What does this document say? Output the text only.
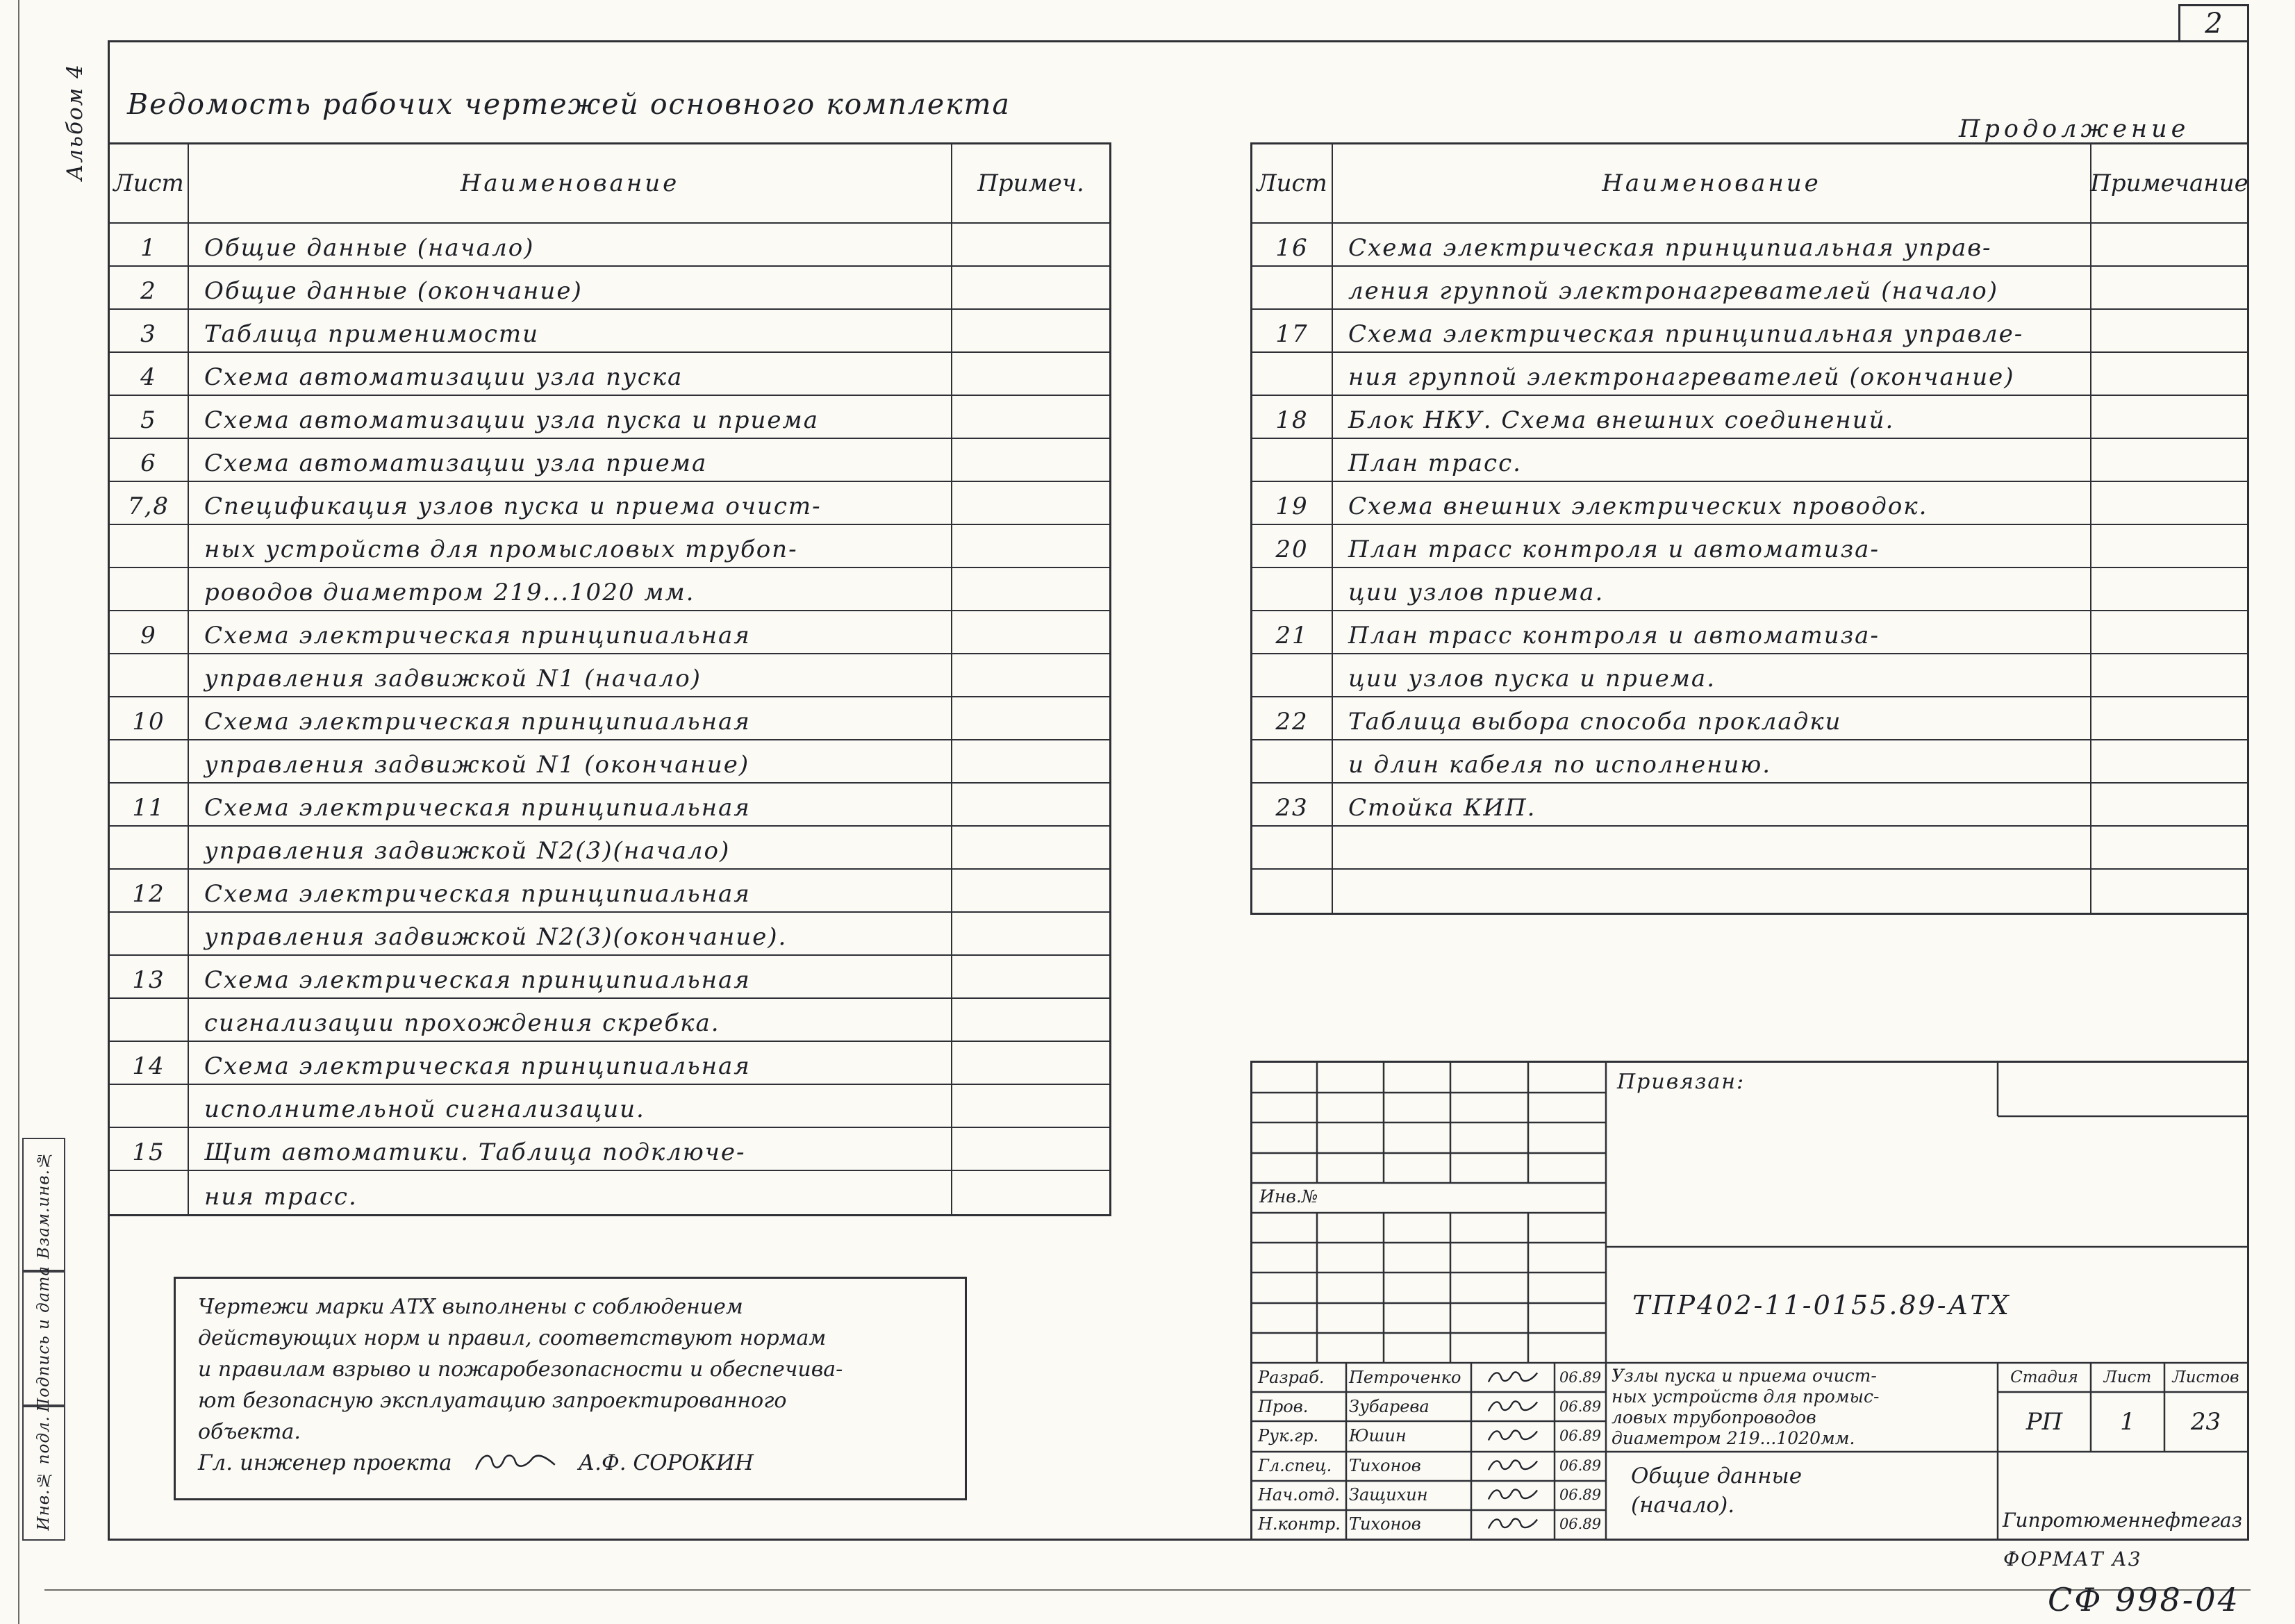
2
Альбом 4 Ведомость рабочих чертежей основного комплекта
Продолжение
Лист	Наименование	Примеч.
1	Общие данные (начало)
2	Общие данные (окончание)
3	Таблица применимости
4	Схема автоматизации узла пуска
5	Схема автоматизации узла пуска и приема
6	Схема автоматизации узла приема
7,8	Спецификация узлов пуска и приема очист-
ных устройств для промысловых трубоп-
роводов диаметром 219...1020 мм.
9	Схема электрическая принципиальная
управления задвижкой N1 (начало)
10	Схема электрическая принципиальная
управления задвижкой N1 (окончание)
11	Схема электрическая принципиальная
управления задвижкой N2(3)(начало)
12	Схема электрическая принципиальная
управления задвижкой N2(3)(окончание).
13	Схема электрическая принципиальная
сигнализации прохождения скребка.
14	Схема электрическая принципиальная
исполнительной сигнализации.
15	Щит автоматики. Таблица подключе-
ния трасс.
Лист	Наименование	Примечание
16	Схема электрическая принципиальная управ-
ления группой электронагревателей (начало)
17	Схема электрическая принципиальная управле-
ния группой электронагревателей (окончание)
18	Блок НКУ. Схема внешних соединений.
План трасс.
19	Схема внешних электрических проводок.
20	План трасс контроля и автоматиза-
ции узлов приема.
21	План трасс контроля и автоматиза-
ции узлов пуска и приема.
22	Таблица выбора способа прокладки
и длин кабеля по исполнению.
23	Стойка КИП.
Чертежи марки АТХ выполнены с соблюдением
действующих норм и правил, соответствуют нормам
и правилам взрыво и пожаробезопасности и обеспечива-
ют безопасную эксплуатацию запроектированного
объекта.
Гл. инженер проекта	А.Ф. СОРОКИН
Привязан:
Инв.№
ТПР402-11-0155.89-АТХ
Разраб.	Петроченко	06.89
Пров.	Зубарева	06.89
Рук.гр.	Юшин	06.89
Гл.спец.	Тихонов	06.89
Нач.отд. Защихин	06.89
Н.контр. Тихонов	06.89
Узлы пуска и приема очист-
ных устройств для промыс-
ловых трубопроводов
диаметром 219...1020мм.
Общие данные
(начало).
Стадия	Лист	Листов
РП	1	23
Гипротюменнефтегаз
Взам.инв.№
Подпись и дата
Инв.№ подл.
ФОРМАТ А3
СФ 998-04
